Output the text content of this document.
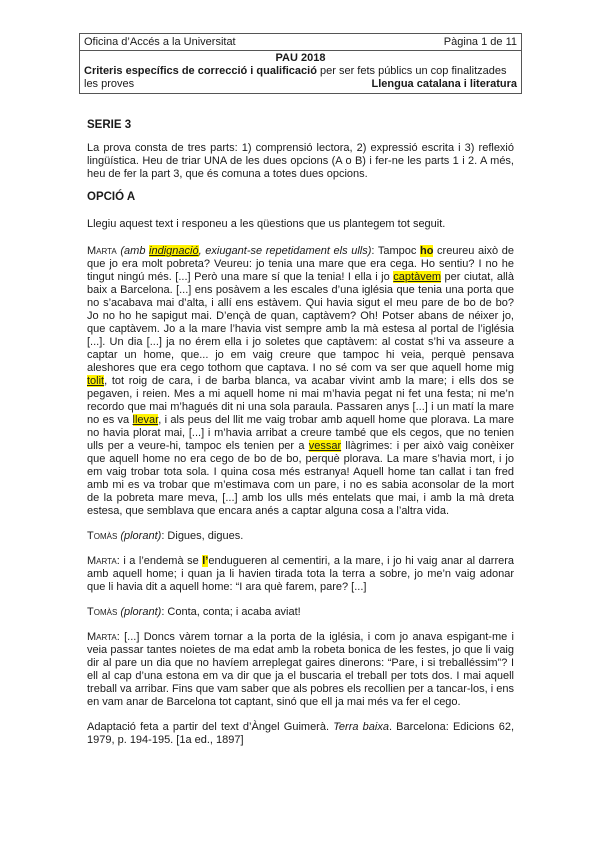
Oficina d’Accés a la Universitat	Pàgina 1 de 11
PAU 2018
Criteris específics de correcció i qualificació per ser fets públics un cop finalitzades
les proves	Llengua catalana i literatura
SERIE 3

La prova consta de tres parts: 1) comprensió lectora, 2) expressió escrita i 3) reflexió lingüística. Heu de triar UNA de les dues opcions (A o B) i fer-ne les parts 1 i 2. A més, heu de fer la part 3, que és comuna a totes dues opcions.

OPCIÓ A

Llegiu aquest text i responeu a les qüestions que us plantegem tot seguit.

Marta (amb indignació, exiugant-se repetidament els ulls): Tampoc ho creureu això de que jo era molt pobreta? Veureu: jo tenia una mare que era cega. Ho sentiu? I no he tingut ningú més. [...] Però una mare sí que la tenia! I ella i jo captàvem per ciutat, allà baix a Barcelona. [...] ens posàvem a les escales d’una iglésia que tenia una porta que no s’acabava mai d’alta, i allí ens estàvem. Qui havia sigut el meu pare de bo de bo? Jo no ho he sapigut mai. D’ençà de quan, captàvem? Oh! Potser abans de néixer jo, que captàvem. Jo a la mare l’havia vist sempre amb la mà estesa al portal de l’iglésia [...]. Un dia [...] ja no érem ella i jo soletes que captàvem: al costat s’hi va asseure a captar un home, que... jo em vaig creure que tampoc hi veia, perquè pensava aleshores que era cego tothom que captava. I no sé com va ser que aquell home mig tolit, tot roig de cara, i de barba blanca, va acabar vivint amb la mare; i ells dos se pegaven, i reien. Mes a mi aquell home ni mai m’havia pegat ni fet una festa; ni me’n recordo que mai m’hagués dit ni una sola paraula. Passaren anys [...] i un matí la mare no es va llevar, i als peus del llit me vaig trobar amb aquell home que plorava. La mare no havia plorat mai, [...] i m’havia arribat a creure també que els cegos, que no tenien ulls per a veure-hi, tampoc els tenien per a vessar llàgrimes: i per això vaig conèixer que aquell home no era cego de bo de bo, perquè plorava. La mare s’havia mort, i jo em vaig trobar tota sola. I quina cosa més estranya! Aquell home tan callat i tan fred amb mi es va trobar que m’estimava com un pare, i no es sabia aconsolar de la mort de la pobreta mare meva, [...] amb los ulls més entelats que mai, i amb la mà dreta estesa, que semblava que encara anés a captar alguna cosa a l’altra vida.

Tomàs (plorant): Digues, digues.

Marta: i a l’endemà se l’endugueren al cementiri, a la mare, i jo hi vaig anar al darrera amb aquell home; i quan ja li havien tirada tota la terra a sobre, jo me’n vaig adonar que li havia dit a aquell home: “I ara què farem, pare? [...]

Tomàs (plorant): Conta, conta; i acaba aviat!

Marta: [...] Doncs vàrem tornar a la porta de la iglésia, i com jo anava espigant-me i veia passar tantes noietes de ma edat amb la robeta bonica de les festes, jo que li vaig dir al pare un dia que no havíem arreplegat gaires dinerons: “Pare, i si treballéssim”? I ell al cap d’una estona em va dir que ja el buscaria el treball per tots dos. I mai aquell treball va arribar. Fins que vam saber que als pobres els recollien per a tancar-los, i ens en vam anar de Barcelona tot captant, sinó que ell ja mai més va fer el cego.

Adaptació feta a partir del text d’Àngel Guimerà. Terra baixa. Barcelona: Edicions 62, 1979, p. 194-195. [1a ed., 1897]
